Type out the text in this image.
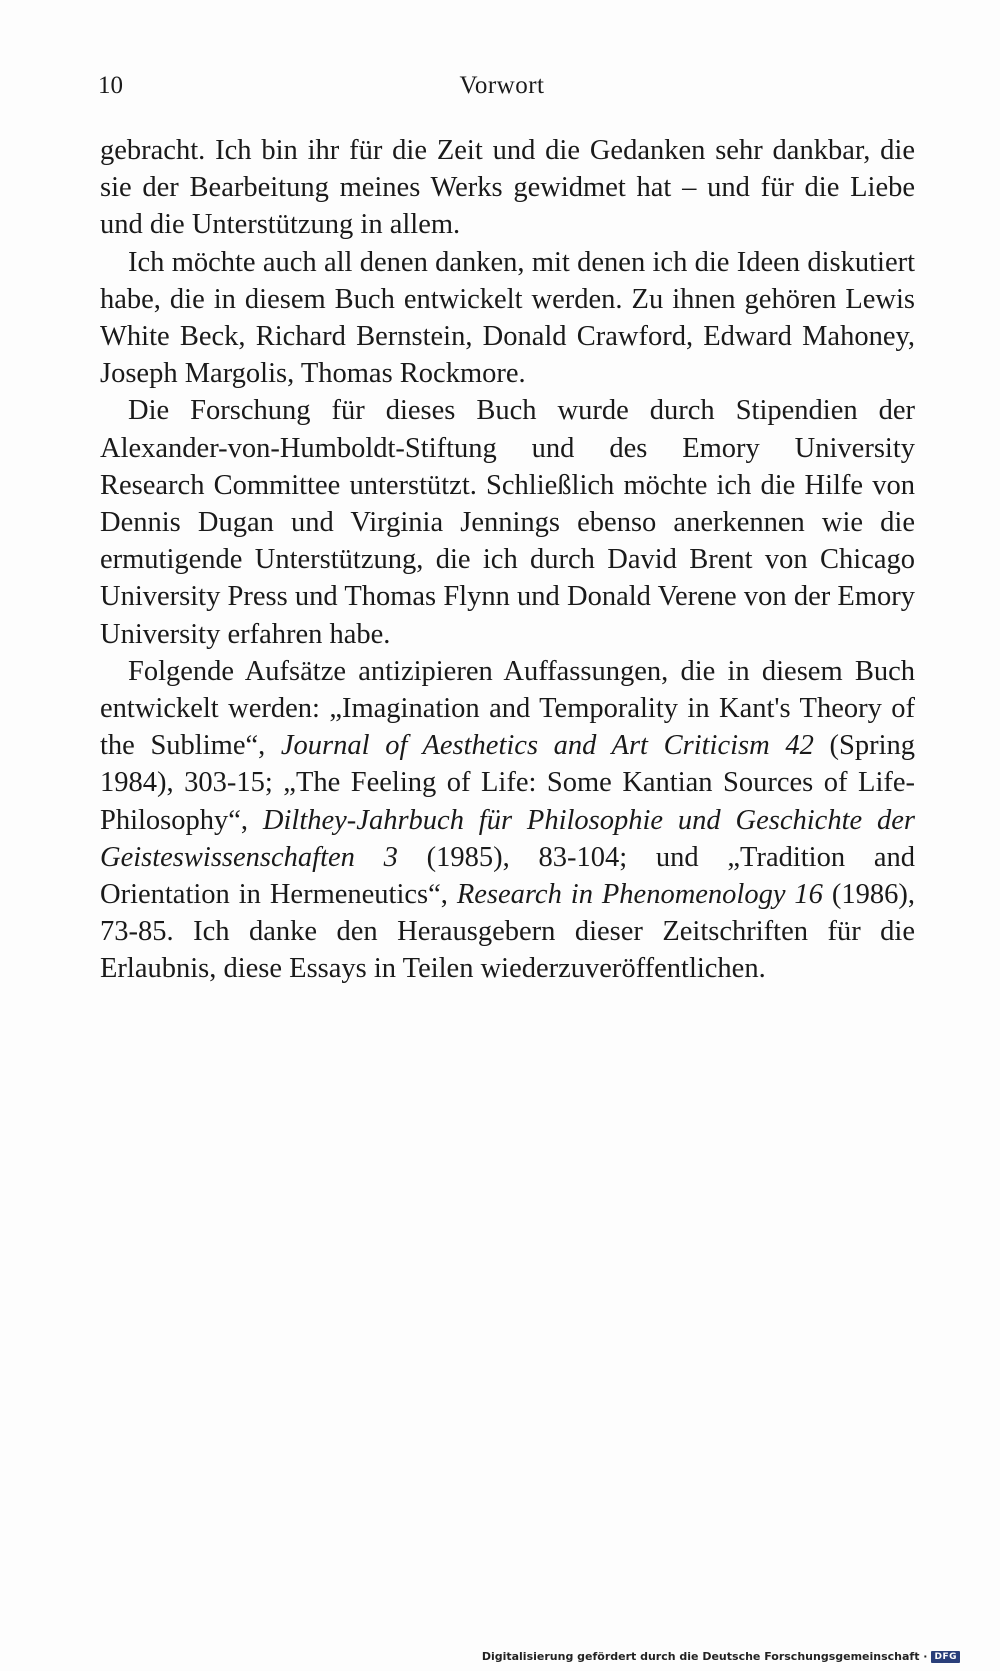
10	Vorwort

gebracht. Ich bin ihr für die Zeit und die Gedanken sehr dankbar, die sie der Bearbeitung meines Werks gewidmet hat – und für die Liebe und die Unterstützung in allem.

Ich möchte auch all denen danken, mit denen ich die Ideen diskutiert habe, die in diesem Buch entwickelt werden. Zu ihnen gehören Lewis White Beck, Richard Bernstein, Donald Crawford, Edward Mahoney, Joseph Margolis, Thomas Rockmore.

Die Forschung für dieses Buch wurde durch Stipendien der Alexander-von-Humboldt-Stiftung und des Emory University Research Committee unterstützt. Schließlich möchte ich die Hilfe von Dennis Dugan und Virginia Jennings ebenso anerkennen wie die ermutigende Unterstützung, die ich durch David Brent von Chicago University Press und Thomas Flynn und Donald Verene von der Emory University erfahren habe.

Folgende Aufsätze antizipieren Auffassungen, die in diesem Buch entwickelt werden: „Imagination and Temporality in Kant's Theory of the Sublime“, Journal of Aesthetics and Art Criticism 42 (Spring 1984), 303-15; „The Feeling of Life: Some Kantian Sources of Life-Philosophy“, Dilthey-Jahrbuch für Philosophie und Geschichte der Geisteswissenschaften 3 (1985), 83-104; und „Tradition and Orientation in Hermeneutics“, Research in Phenomenology 16 (1986), 73-85. Ich danke den Herausgebern dieser Zeitschriften für die Erlaubnis, diese Essays in Teilen wiederzuveröffentlichen.

Digitalisierung gefördert durch die Deutsche Forschungsgemeinschaft · DFG
